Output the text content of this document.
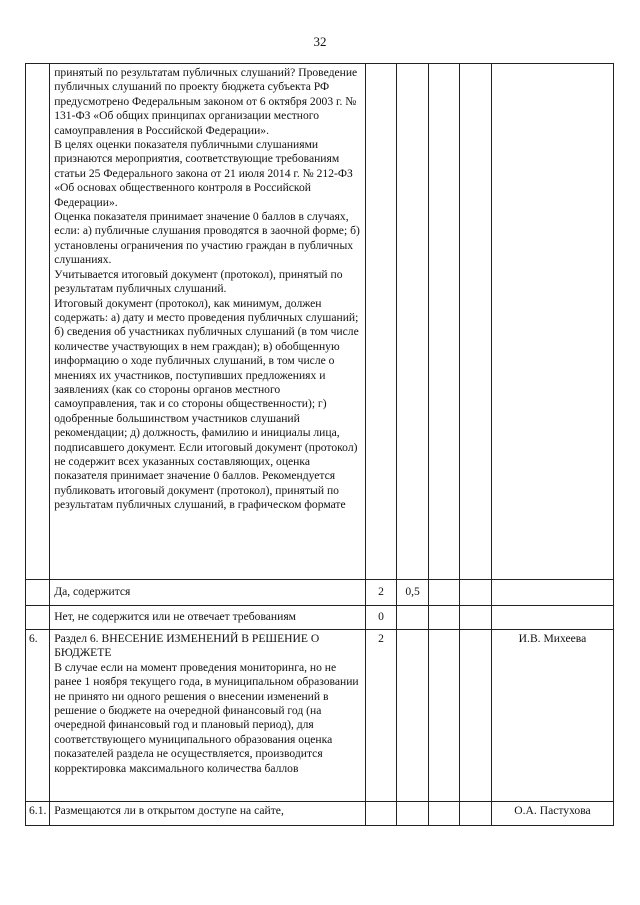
32

	принятый по результатам публичных слушаний? Проведение публичных слушаний по проекту бюджета субъекта РФ предусмотрено Федеральным законом от 6 октября 2003 г. № 131-ФЗ «Об общих принципах организации местного самоуправления в Российской Федерации».
В целях оценки показателя публичными слушаниями признаются мероприятия, соответствующие требованиям статьи 25 Федерального закона от 21 июля 2014 г. № 212-ФЗ «Об основах общественного контроля в Российской Федерации».
Оценка показателя принимает значение 0 баллов в случаях, если: а) публичные слушания проводятся в заочной форме; б) установлены ограничения по участию граждан в публичных слушаниях.
Учитывается итоговый документ (протокол), принятый по результатам публичных слушаний.
Итоговый документ (протокол), как минимум, должен содержать: а) дату и место проведения публичных слушаний; б) сведения об участниках публичных слушаний (в том числе количестве участвующих в нем граждан); в) обобщенную информацию о ходе публичных слушаний, в том числе о мнениях их участников, поступивших предложениях и заявлениях (как со стороны органов местного самоуправления, так и со стороны общественности); г) одобренные большинством участников слушаний рекомендации; д) должность, фамилию и инициалы лица, подписавшего документ. Если итоговый документ (протокол) не содержит всех указанных составляющих, оценка показателя принимает значение 0 баллов. Рекомендуется публиковать итоговый документ (протокол), принятый по результатам публичных слушаний, в графическом формате					

	Да, содержится	2	0,5			

	Нет, не содержится или не отвечает требованиям	0				
6.	Раздел 6. ВНЕСЕНИЕ ИЗМЕНЕНИЙ В РЕШЕНИЕ О БЮДЖЕТЕ
В случае если на момент проведения мониторинга, но не ранее 1 ноября текущего года, в муниципальном образовании не принято ни одного решения о внесении изменений в решение о бюджете на очередной финансовый год (на очередной финансовый год и плановый период), для соответствующего муниципального образования оценка показателей раздела не осуществляется, производится корректировка максимального количества баллов	2				И.В. Михеева
6.1.	Размещаются ли в открытом доступе на сайте,					О.А. Пастухова
